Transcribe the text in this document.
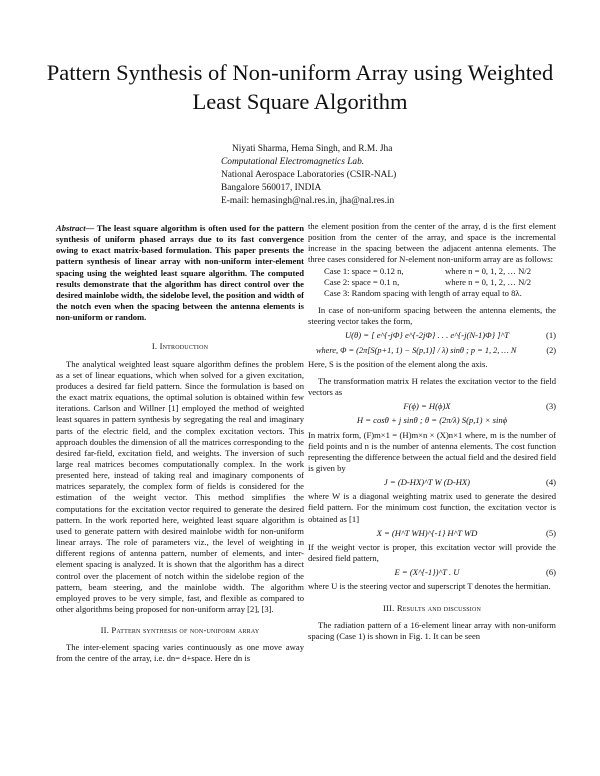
Pattern Synthesis of Non-uniform Array using Weighted Least Square Algorithm
Niyati Sharma, Hema Singh, and R.M. Jha
Computational Electromagnetics Lab.
National Aerospace Laboratories (CSIR-NAL)
Bangalore 560017, INDIA
E-mail: hemasingh@nal.res.in, jha@nal.res.in
Abstract— The least square algorithm is often used for the pattern synthesis of uniform phased arrays due to its fast convergence owing to exact matrix-based formulation. This paper presents the pattern synthesis of linear array with non-uniform inter-element spacing using the weighted least square algorithm. The computed results demonstrate that the algorithm has direct control over the desired mainlobe width, the sidelobe level, the position and width of the notch even when the spacing between the antenna elements is non-uniform or random.
I. Introduction

The analytical weighted least square algorithm defines the problem as a set of linear equations, which when solved for a given excitation, produces a desired far field pattern. Since the formulation is based on the exact matrix equations, the optimal solution is obtained within few iterations. Carlson and Willner [1] employed the method of weighted least squares in pattern synthesis by segregating the real and imaginary parts of the electric field, and the complex excitation vectors. This approach doubles the dimension of all the matrices corresponding to the desired far-field, excitation field, and weights. The inversion of such large real matrices becomes computationally complex. In the work presented here, instead of taking real and imaginary components of matrices separately, the complex form of fields is considered for the estimation of the weight vector. This method simplifies the computations for the excitation vector required to generate the desired pattern. In the work reported here, weighted least square algorithm is used to generate pattern with desired mainlobe width for non-uniform linear arrays. The role of parameters viz., the level of weighting in different regions of antenna pattern, number of elements, and inter-element spacing is analyzed. It is shown that the algorithm has a direct control over the placement of notch within the sidelobe region of the pattern, beam steering, and the mainlobe width. The algorithm employed proves to be very simple, fast, and flexible as compared to other algorithms being proposed for non-uniform array [2], [3].

II. Pattern synthesis of non-uniform array

The inter-element spacing varies continuously as one move away from the centre of the array, i.e. dn= d+space. Here dn is

the element position from the center of the array, d is the first element position from the center of the array, and space is the incremental increase in the spacing between the adjacent antenna elements. The three cases considered for N-element non-uniform array are as follows:

Case 1: space = 0.12 n,	where n = 0, 1, 2, … N/2
Case 2: space = 0.1 n,	where n = 0, 1, 2, … N/2
Case 3: Random spacing with length of array equal to 8λ.

In case of non-uniform spacing between the antenna elements, the steering vector takes the form,

U(θ) = [ e^{-jΦ} e^{-2jΦ} . . . e^{-j(N-1)Φ} ]^T	(1)
where, Φ = (2π[S(p+1, 1) − S(p,1)] / λ) sinθ ; p = 1, 2, … N	(2)

Here, S is the position of the element along the axis.

The transformation matrix H relates the excitation vector to the field vectors as

F(ϕ) = H(ϕ)X	(3)
H = cosθ + j sinθ ; θ = (2π/λ) S(p,1) × sinϕ

In matrix form, (F)m×1 = (H)m×n × (X)n×1 where, m is the number of field points and n is the number of antenna elements. The cost function representing the difference between the actual field and the desired field is given by

J = (D-HX)^T W (D-HX)	(4)

where W is a diagonal weighting matrix used to generate the desired field pattern. For the minimum cost function, the excitation vector is obtained as [1]

X = (H^T WH)^{-1} H^T WD	(5)

If the weight vector is proper, this excitation vector will provide the desired field pattern,

E = (X^{-1})^T . U	(6)

where U is the steering vector and superscript T denotes the hermitian.

III. Results and discussion

The radiation pattern of a 16-element linear array with non-uniform spacing (Case 1) is shown in Fig. 1. It can be seen
